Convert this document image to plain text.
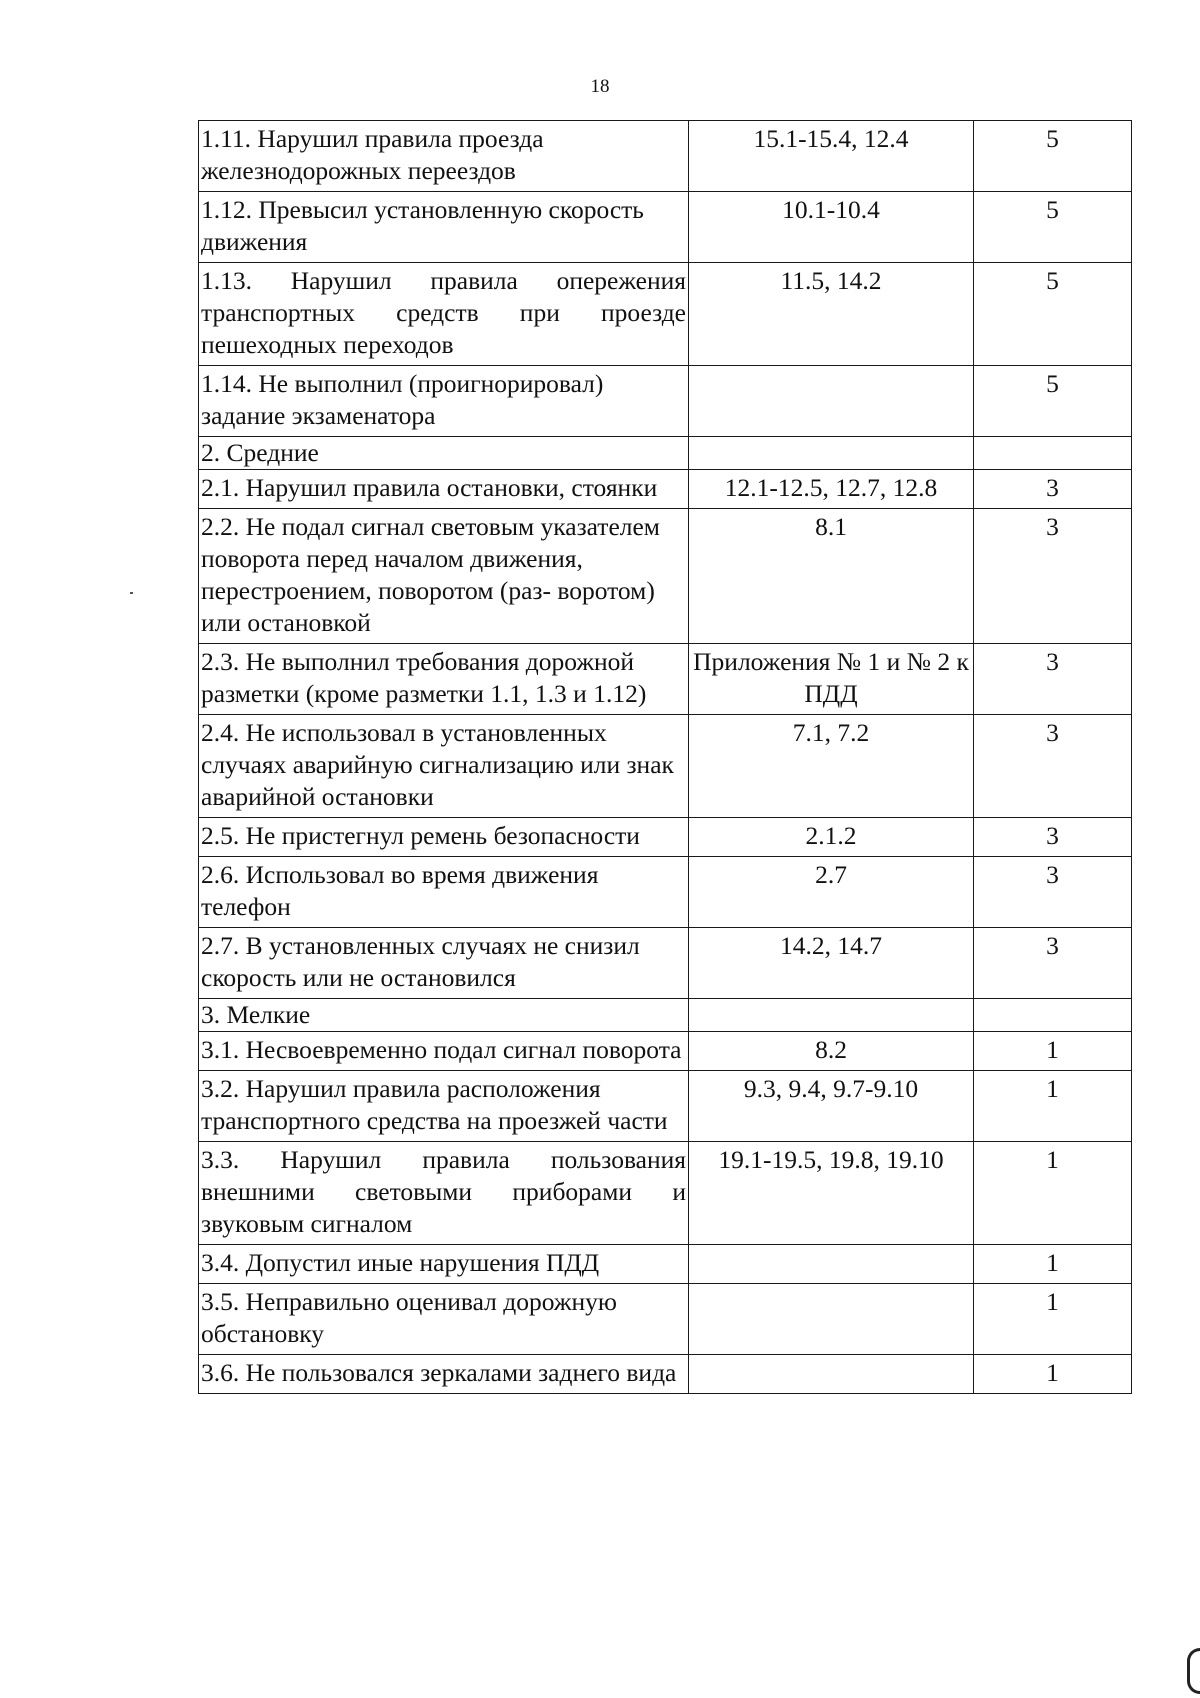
18
1.11. Нарушил правила проезда железнодорожных переездов	15.1-15.4, 12.4	5
1.12. Превысил установленную скорость движения	10.1-10.4	5
1.13. Нарушил правила опережения транспортных средств при проезде пешеходных переходов	11.5, 14.2	5
1.14. Не выполнил (проигнорировал) задание экзаменатора		5
2. Средние		
2.1. Нарушил правила остановки, стоянки	12.1-12.5, 12.7, 12.8	3
2.2. Не подал сигнал световым указателем поворота перед началом движения, перестроением, поворотом (раз- воротом) или остановкой	8.1	3
2.3. Не выполнил требования дорожной разметки (кроме разметки 1.1, 1.3 и 1.12)	Приложения № 1 и № 2 к ПДД	3
2.4. Не использовал в установленных случаях аварийную сигнализацию или знак аварийной остановки	7.1, 7.2	3
2.5. Не пристегнул ремень безопасности	2.1.2	3
2.6. Использовал во время движения телефон	2.7	3
2.7. В установленных случаях не снизил скорость или не остановился	14.2, 14.7	3
3. Мелкие		
3.1. Несвоевременно подал сигнал поворота	8.2	1
3.2. Нарушил правила расположения транспортного средства на проезжей части	9.3, 9.4, 9.7-9.10	1
3.3. Нарушил правила пользования внешними световыми приборами и звуковым сигналом	19.1-19.5, 19.8, 19.10	1
3.4. Допустил иные нарушения ПДД		1
3.5. Неправильно оценивал дорожную обстановку		1
3.6. Не пользовался зеркалами заднего вида		1
